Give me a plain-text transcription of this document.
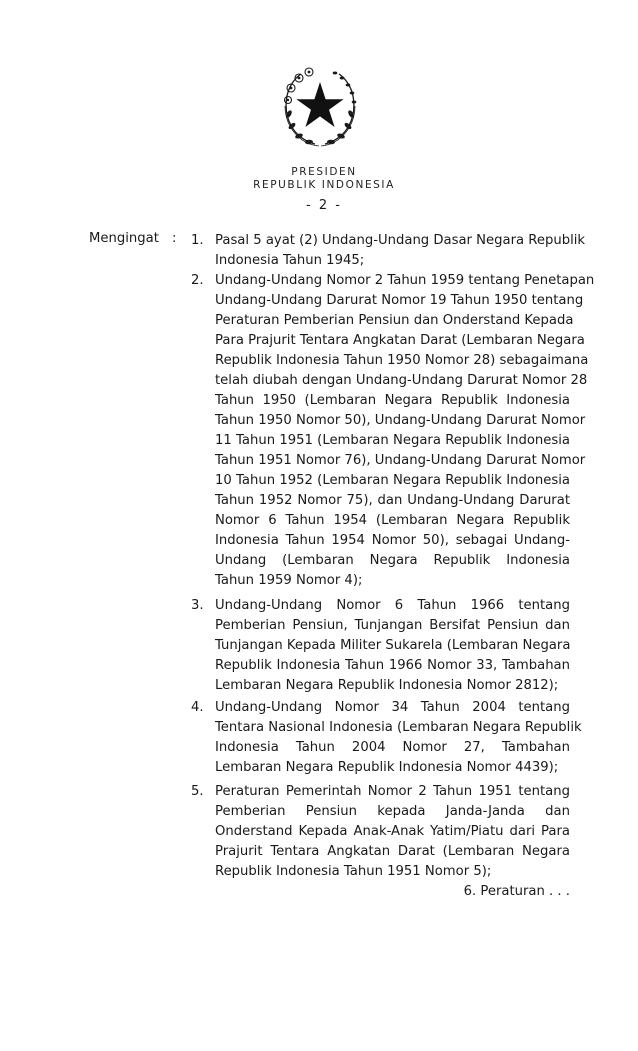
PRESIDEN
REPUBLIK INDONESIA
- 2 -
Mengingat : 1. Pasal 5 ayat (2) Undang-Undang Dasar Negara Republik
Indonesia Tahun 1945;
2. Undang-Undang Nomor 2 Tahun 1959 tentang Penetapan
Undang-Undang Darurat Nomor 19 Tahun 1950 tentang
Peraturan Pemberian Pensiun dan Onderstand Kepada
Para Prajurit Tentara Angkatan Darat (Lembaran Negara
Republik Indonesia Tahun 1950 Nomor 28) sebagaimana
telah diubah dengan Undang-Undang Darurat Nomor 28
Tahun 1950 (Lembaran Negara Republik Indonesia
Tahun 1950 Nomor 50), Undang-Undang Darurat Nomor
11 Tahun 1951 (Lembaran Negara Republik Indonesia
Tahun 1951 Nomor 76), Undang-Undang Darurat Nomor
10 Tahun 1952 (Lembaran Negara Republik Indonesia
Tahun 1952 Nomor 75), dan Undang-Undang Darurat
Nomor 6 Tahun 1954 (Lembaran Negara Republik
Indonesia Tahun 1954 Nomor 50), sebagai Undang-
Undang (Lembaran Negara Republik Indonesia
Tahun 1959 Nomor 4);
3. Undang-Undang Nomor 6 Tahun 1966 tentang
Pemberian Pensiun, Tunjangan Bersifat Pensiun dan
Tunjangan Kepada Militer Sukarela (Lembaran Negara
Republik Indonesia Tahun 1966 Nomor 33, Tambahan
Lembaran Negara Republik Indonesia Nomor 2812);
4. Undang-Undang Nomor 34 Tahun 2004 tentang
Tentara Nasional Indonesia (Lembaran Negara Republik
Indonesia Tahun 2004 Nomor 27, Tambahan
Lembaran Negara Republik Indonesia Nomor 4439);
5. Peraturan Pemerintah Nomor 2 Tahun 1951 tentang
Pemberian Pensiun kepada Janda-Janda dan
Onderstand Kepada Anak-Anak Yatim/Piatu dari Para
Prajurit Tentara Angkatan Darat (Lembaran Negara
Republik Indonesia Tahun 1951 Nomor 5);
6. Peraturan . . .
